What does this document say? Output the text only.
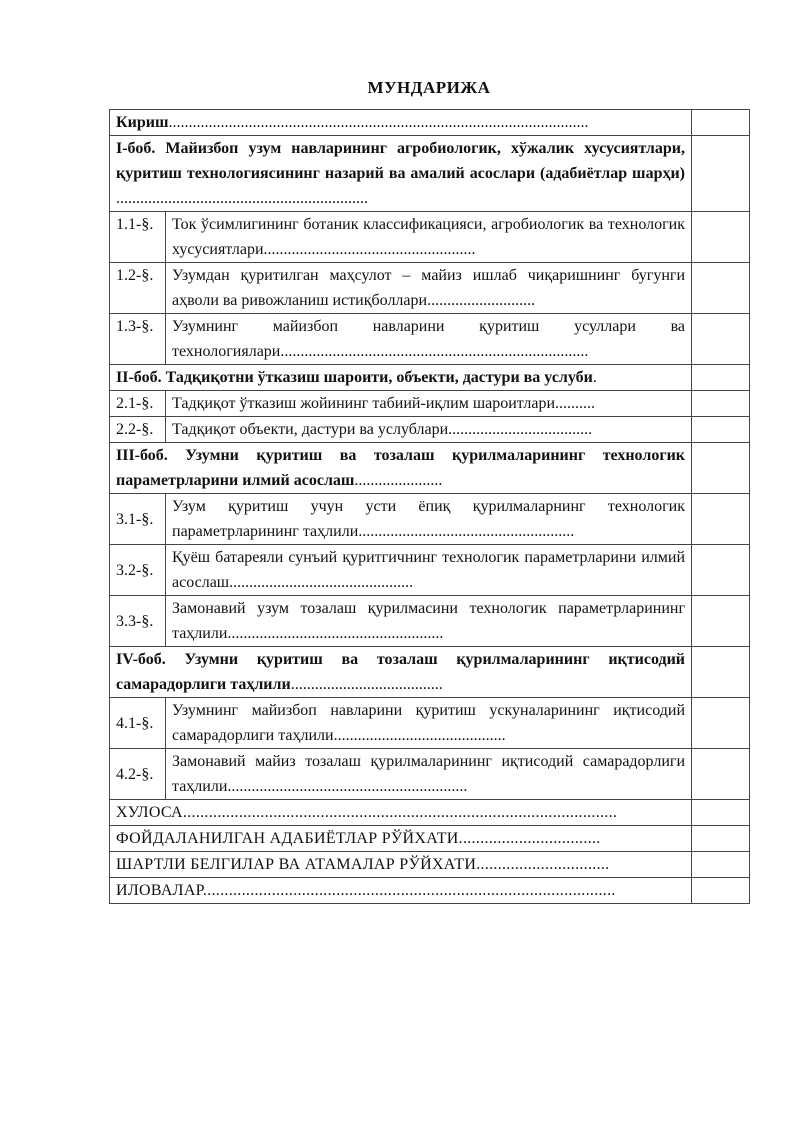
МУНДАРИЖА
Кириш.........................................................................................................		
I-боб. Майизбоп узум навларининг агробиологик, хўжалик хусусиятлари, қуритиш технологиясининг назарий ва амалий асослари (адабиётлар шарҳи) ...............................................................		
1.1-§.	Ток ўсимлигининг ботаник классификацияси, агробиологик ва технологик хусусиятлари.....................................................	
1.2-§.	Узумдан қуритилган маҳсулот – майиз ишлаб чиқаришнинг бугунги аҳволи ва ривожланиш истиқболлари...........................	
1.3-§.	Узумнинг майизбоп навларини қуритиш усуллари ва технологиялари.............................................................................	
II-боб. Тадқиқотни ўтказиш шароити, объекти, дастури ва услуби.		
2.1-§.	Тадқиқот ўтказиш жойининг табиий-иқлим шароитлари..........	
2.2-§.	Тадқиқот объекти, дастури ва услублари....................................	
III-боб. Узумни қуритиш ва тозалаш қурилмаларининг технологик параметрларини илмий асослаш......................		
3.1-§.	Узум қуритиш учун усти ёпиқ қурилмаларнинг технологик параметрларининг таҳлили......................................................	
3.2-§.	Қуёш батареяли сунъий қуритгичнинг технологик параметрларини илмий асослаш..............................................	
3.3-§.	Замонавий узум тозалаш қурилмасини технологик параметрларининг таҳлили......................................................	
IV-боб. Узумни қуритиш ва тозалаш қурилмаларининг иқтисодий самарадорлиги таҳлили......................................		
4.1-§.	Узумнинг майизбоп навларини қуритиш ускуналарининг иқтисодий самарадорлиги таҳлили...........................................	
4.2-§.	Замонавий майиз тозалаш қурилмаларининг иқтисодий самарадорлиги таҳлили............................................................	
ХУЛОСА.....................................................................................................		
ФОЙДАЛАНИЛГАН АДАБИЁТЛАР РЎЙХАТИ.................................		
ШАРТЛИ БЕЛГИЛАР ВА АТАМАЛАР РЎЙХАТИ...............................		
ИЛОВАЛАР................................................................................................		
